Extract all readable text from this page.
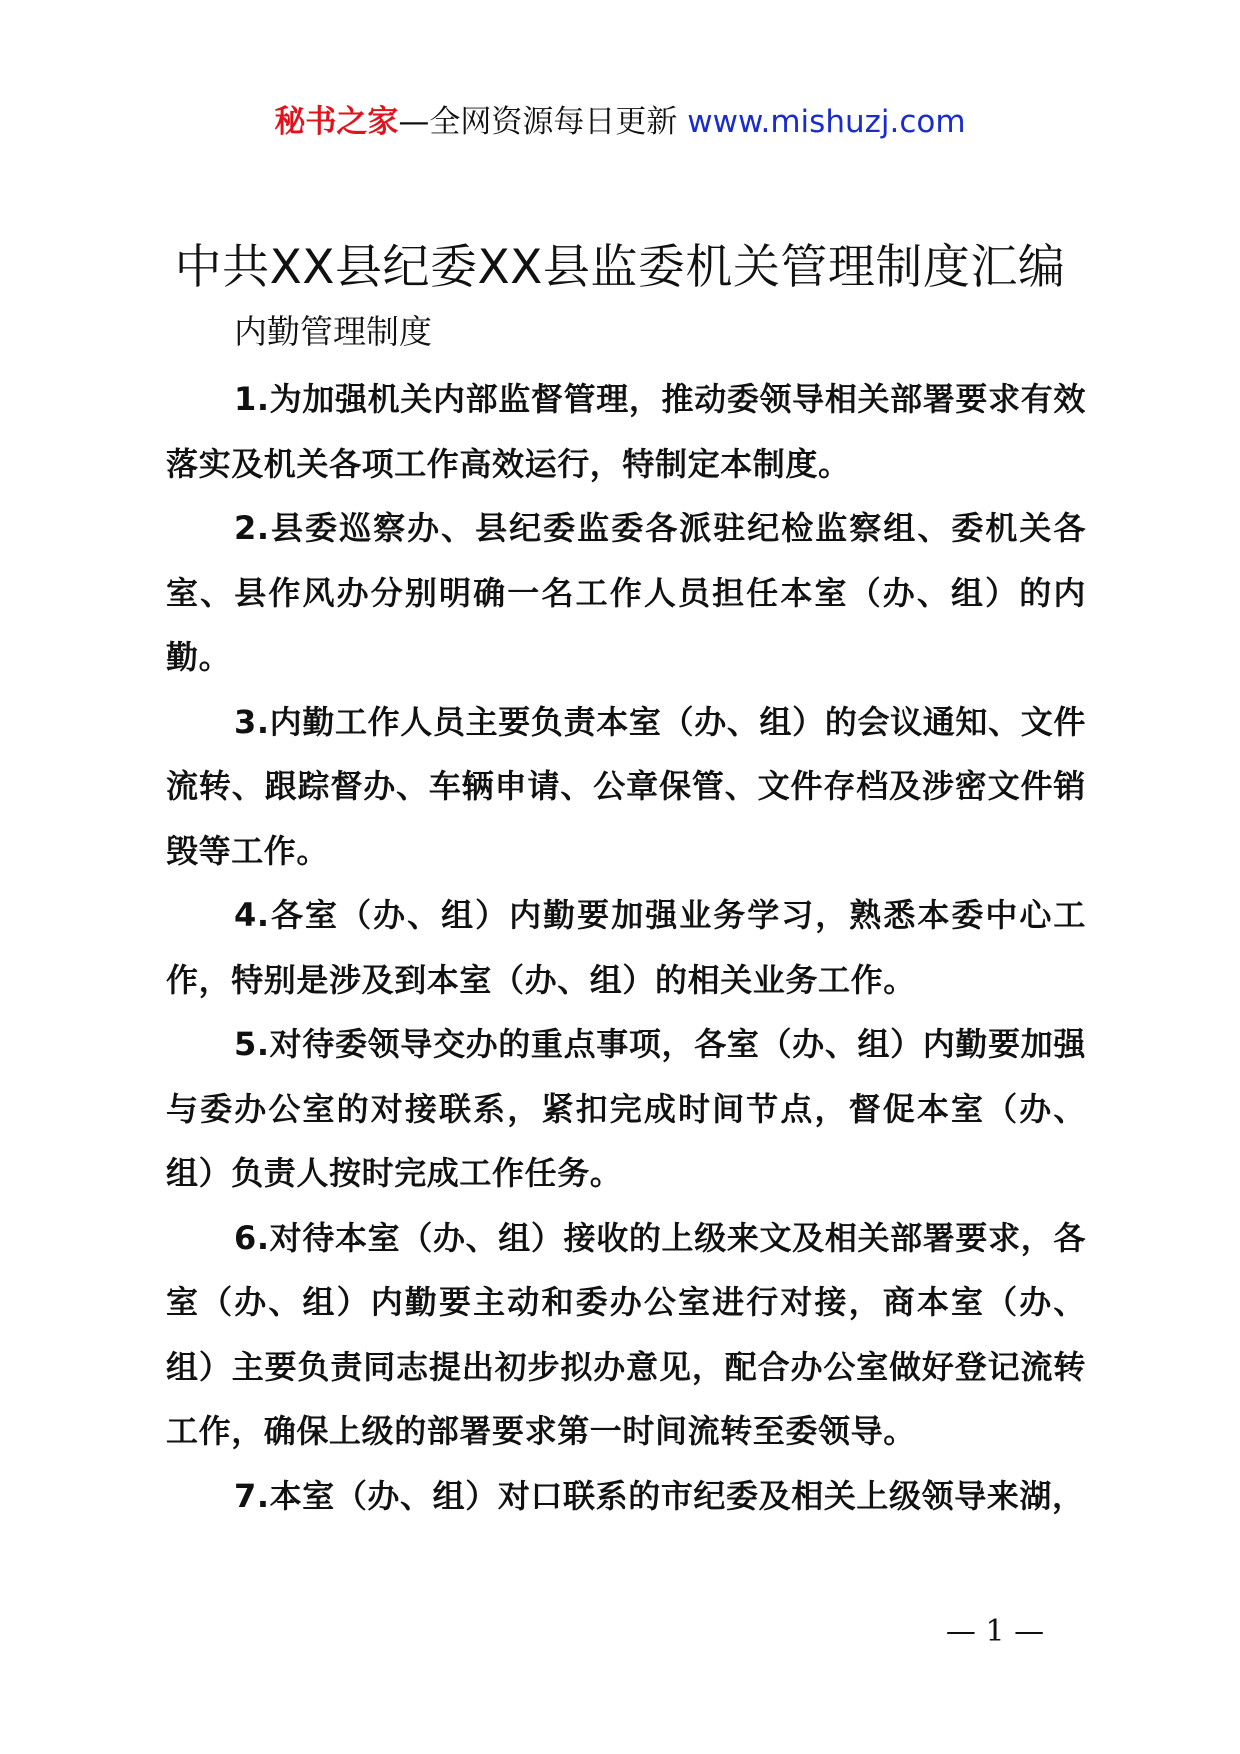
秘书之家—全网资源每日更新 www.mishuzj.com
中共XX县纪委XX县监委机关管理制度汇编
内勤管理制度

1.为加强机关内部监督管理，推动委领导相关部署要求有效落实及机关各项工作高效运行，特制定本制度。

2.县委巡察办、县纪委监委各派驻纪检监察组、委机关各室、县作风办分别明确一名工作人员担任本室（办、组）的内勤。

3.内勤工作人员主要负责本室（办、组）的会议通知、文件流转、跟踪督办、车辆申请、公章保管、文件存档及涉密文件销毁等工作。

4.各室（办、组）内勤要加强业务学习，熟悉本委中心工作，特别是涉及到本室（办、组）的相关业务工作。

5.对待委领导交办的重点事项，各室（办、组）内勤要加强与委办公室的对接联系，紧扣完成时间节点，督促本室（办、组）负责人按时完成工作任务。

6.对待本室（办、组）接收的上级来文及相关部署要求，各室（办、组）内勤要主动和委办公室进行对接，商本室（办、组）主要负责同志提出初步拟办意见，配合办公室做好登记流转工作，确保上级的部署要求第一时间流转至委领导。

7.本室（办、组）对口联系的市纪委及相关上级领导来湖，

— 1 —
